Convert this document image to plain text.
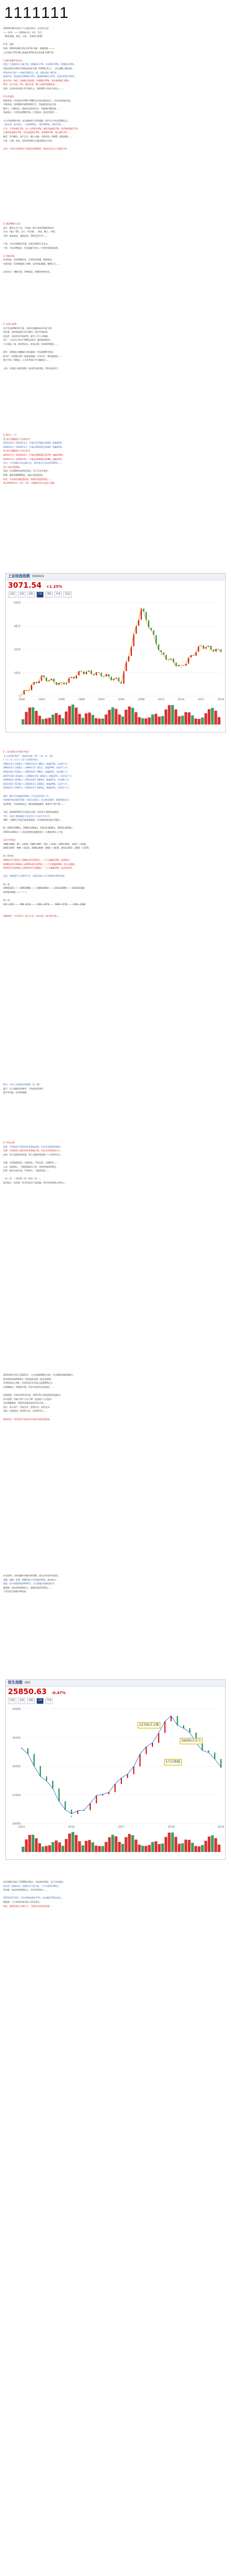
1111111

(2019年08月23日) 今日股市收评：以后的主攻？

—— 作者：—— 2019年1月、4月、5月）

（期货金融、黄金、天使 、全球资产配置）

作者：国际

时间：2019年08月23日15:36 来源：本地博客 ———

上证综指 2751.85 深成指 8791.63 创业板 1587.31

1.国际金融市场动态：

美股三大指数周五大幅下挫，道指跌2.37%，标普跌2.59%，纳指跌3.00%，

美国总统宣布将对中国商品加征关税（5500亿美元），美元指数小幅走低。

黄金价格大涨——突破1500美元一线，国际原油下跌1%……

欧洲市场：英国富时100跌0.47%，德国DAX跌1.15%，法国CAC跌1.95%，

国内市场：A股三大指数全线收涨，沪指涨0.45%，创业板指涨1.26%，

板块：电子信息、5G、通信设备、稀土永磁等涨幅居前……

资金：北向资金净流入21.64亿元，连续第6个交易日净流入……

2.后市展望：

短期来看，市场将在2700~2900点区间内震荡运行，关注外部风险变化；

中期来看，逆周期调节政策持续发力，科技板块仍是主线；

操作上：控制仓位，逢低布局优质龙头，回避高位题材股……

风险提示：中美贸易摩擦升级、汇率波动、流动性收紧……

今日市场情绪平稳，成交量较昨日有所萎缩，两市合计成交5200亿元。

个股方面：涨多跌少，上涨2600家，下跌1000家，涨停52家……

行业：半导体涨3.2%，电子元件涨2.8%，通信设备涨2.5%，软件服务涨2.1%，

计算机设备涨1.9%，有色金属涨1.6%，券商涨0.9%，银行涨0.3%……

概念：华为概念、国产芯片、稀土永磁、无线耳机、OLED、超清视频……

另外，白酒、家电、医药等消费白马股表现较为平淡。

总结：市场在外部扰动下展现出较强韧性，科技成长是当下最强主线。

2. 操盘策略与关注：

仓位：维持五至六成，不追高，耐心等待回调低吸机会；

方向：科技（5G、芯片、华为链）、黄金、稀土、券商；

节奏：逢高减仓，逢低加仓，保持灵活应对……

个股：关注业绩确定性强、估值合理的行业龙头。

下周：关注LPR报价、杰克逊霍尔会议、中美经贸磋商进展。

3. 风险因素：

外部风险：贸易摩擦反复、全球经济放缓、地缘政治；

内部风险：经济数据低于预期、信用风险暴露、解禁压力……

总体而言：谨慎乐观，控制风险，把握结构性机会。

3. 宏观与政策：

央行发布LPR改革方案，实体经济融资成本有望下降；

发改委：加快推进重大项目建设，稳定有效投资；

证监会：深化资本市场改革，提升上市公司质量；

外汇：人民币汇率在7.05附近波动，整体保持稳定；

大宗商品：铜、铝价格承压，黄金走强，原油弱势震荡……

海外：美联储主席鲍威尔讲话偏鸽，市场预期9月降息；

欧央行：或将推出新一轮宽松措施；日本央行：维持超宽松……

新兴市场：阿根廷、土耳其等国汇率大幅波动……

小结：全球进入降息周期，流动性边际宽松，利好权益资产。

4. 附录——下：

(1) 最大跌幅统计与估值对比：

2015年6月—2016年1月：沪指从5178跌至2638，跌幅49%；

2018年1月—2019年1月：沪指从3587跌至2440，跌幅32%；

(2) 最大涨幅统计与成交对比：

2014年7月—2015年6月：沪指从2000涨至5178，涨幅159%；

2019年1月—2019年4月：沪指从2440涨至3288，涨幅35%；

成交：牛市高峰日成交超2万亿，熊市低谷日成交约2500亿……

(3) 当前位置判断：

估值：沪深300市盈率约12倍，处于历史中低位；

情绪：融资余额9000亿，较高点明显回落；

结论：中长期具备配置价值，短期仍需震荡筑底……

(4) 2019年1月、4月、5月：关键时间节点复盘与回顾。

上证综指指数 000001
3071.54 +1.25%
分时	日K	周K	月K	季K	年K	更多
0
1625
3250
4875
6500
1990	1993	1996	1999	2002	2005	2008	2011	2014	2017	2019

5. 上证综指历年"熊市"统计：

【上证综指"熊市"：底部历年新一周——第一次一次】

(一) (一)(二) (三)：(1) 当年熊市统计

1992年5月 1429点 → 1992年11月 386点，跌幅73%，历时6个月；

1993年2月 1558点 → 1994年7月 325点，跌幅79%，历时17个月；

2001年6月 2245点 → 2005年6月 998点，跌幅55%，历时48个月；

2007年10月 6124点 → 2008年10月 1664点，跌幅73%，历时12个月；

2009年8月 3478点 → 2013年6月 1849点，跌幅47%，历时46个月；

2015年6月 5178点 → 2016年1月 2638点，跌幅49%，历时7个月；

2018年1月 3587点 → 2019年1月 2440点，跌幅32%，历时12个月；

规律：熊市平均跌幅约58%，平均历时约21个月；

每轮熊市底部通常伴随：估值历史低位、成交极度萎缩、政策密集出台；

底部特征：市场情绪冰点、破净股数量激增、新增开户数下降……

当前：距离2019年1月底部已反弹，但仍处于震荡筑底阶段；

对比：本轮下跌的幅度与时长均小于历史平均水平；

判断：大概率已经度过最悲观阶段，中长期底部区域已经确立。

附：2005年998点、2008年1664点、2013年1849点、2016年2638点、

2019年2440点——历次重要底部逐级抬升，长期趋势向上不变。

历年牛市统计：

1990-1992：95 → 1429；1996-1997：512 → 1510；1999-2001：1047 → 2245；

2005-2007：998 → 6124；2008-2009：1664 → 3478；2014-2015：2000 → 5178；

第二类对比：

1994年7月325点→1994年9月1052点，三个月涨幅224%，政策救市；

2008年10月1664点→2009年8月3478点，十个月涨幅109%，四万亿刺激；

2019年1月2440点→2019年4月3288点，三个月涨幅35%，流动性改善；

总结：每轮熊市之后都有牛市，底部区域买入并长期持有胜率较高。

第二表：

1994(325) —— 2005(998) —— 2008(1664) —— 2013(1849) —— 2016(2638)

2019(2440) —— ？？？

第三表：

325→1052 —— 998→6124 —— 1664→3478 —— 1849→5178 —— 2440→3288

周期规律：平均每7年一轮大牛市，每3-4年一轮中级行情……

附录：历年上证综指年线涨跌一览（略）

提示：以上数据仅供参考，不构成投资建议；

股市有风险，投资需谨慎。

6. 市场心理：

恐惧：市场持续下跌时投资者普遍恐慌，往往在底部割肉离场；

贪婪：市场持续上涨时投资者普遍乐观，往往在顶部追高买入；

逆向：别人恐惧时我贪婪，别人贪婪时我恐惧——巴菲特名言；

实践：定投指数基金、分批建仓、严格止损、长期持有……

心态：保持耐心，不被短期波动干扰，坚持价值投资理念；

纪律：制定交易计划，严格执行，不随意改变……

一次一次：一次次的一次一次次一次……

最后提示：投资是一场马拉松而不是短跑，要有足够的耐心和信心。

2019年8月23日至2021年：上证综指4000点目标，沪深300突破5000点，

创业板指突破3000点；科技股迎来新一轮估值重塑；

外资持续流入A股，北向资金全年净流入超3000亿元；

注册制推出，科创板开板，资本市场改革全面深化……

长期展望：中国经济转型升级，消费升级与科技创新双轮驱动；

资产配置：房地产资产占比下降，权益资产占比提升；

居民储蓄搬家：理财资金逐步流向资本市场……

机会：核心资产、科技龙头、消费龙头、医药龙头；

风险：估值泡沫、结构性分化、流动性拐点……

最终结论：坚定看好中国资本市场的长期发展前景。

补充说明：全球金融市场联动性增强，需关注外部市场变化；

美股：道指、标普、纳指均处于历史高位附近，波动加大；

港股：恒生指数跌破26000点，关注港股估值修复机会；

港股通：南向资金持续流入，港股估值优势明显……

下图为恒生指数月K线图。

恒生指数 HSI
25850.63 -0.47%
分时	日K	周K	月K	年K
18000
22000
26000
30000
34000
2015	2016	2017	2018	2019
22700点支撑
5月后跌破
26000点压力

恒生指数目前位于25850点附近，市盈率约10倍，处于历史低位；

技术面：跌破年线，短期仍有下探可能，下方支撑22700点；

资金面：南向资金持续流入，外资有所流出……

2019年8月23日：恒生指数收跌0.47%，成交额约700亿港元；

港股通：今日南向资金净流入12亿港元；

结论：港股估值已具吸引力，可逐步布局优质蓝筹……
